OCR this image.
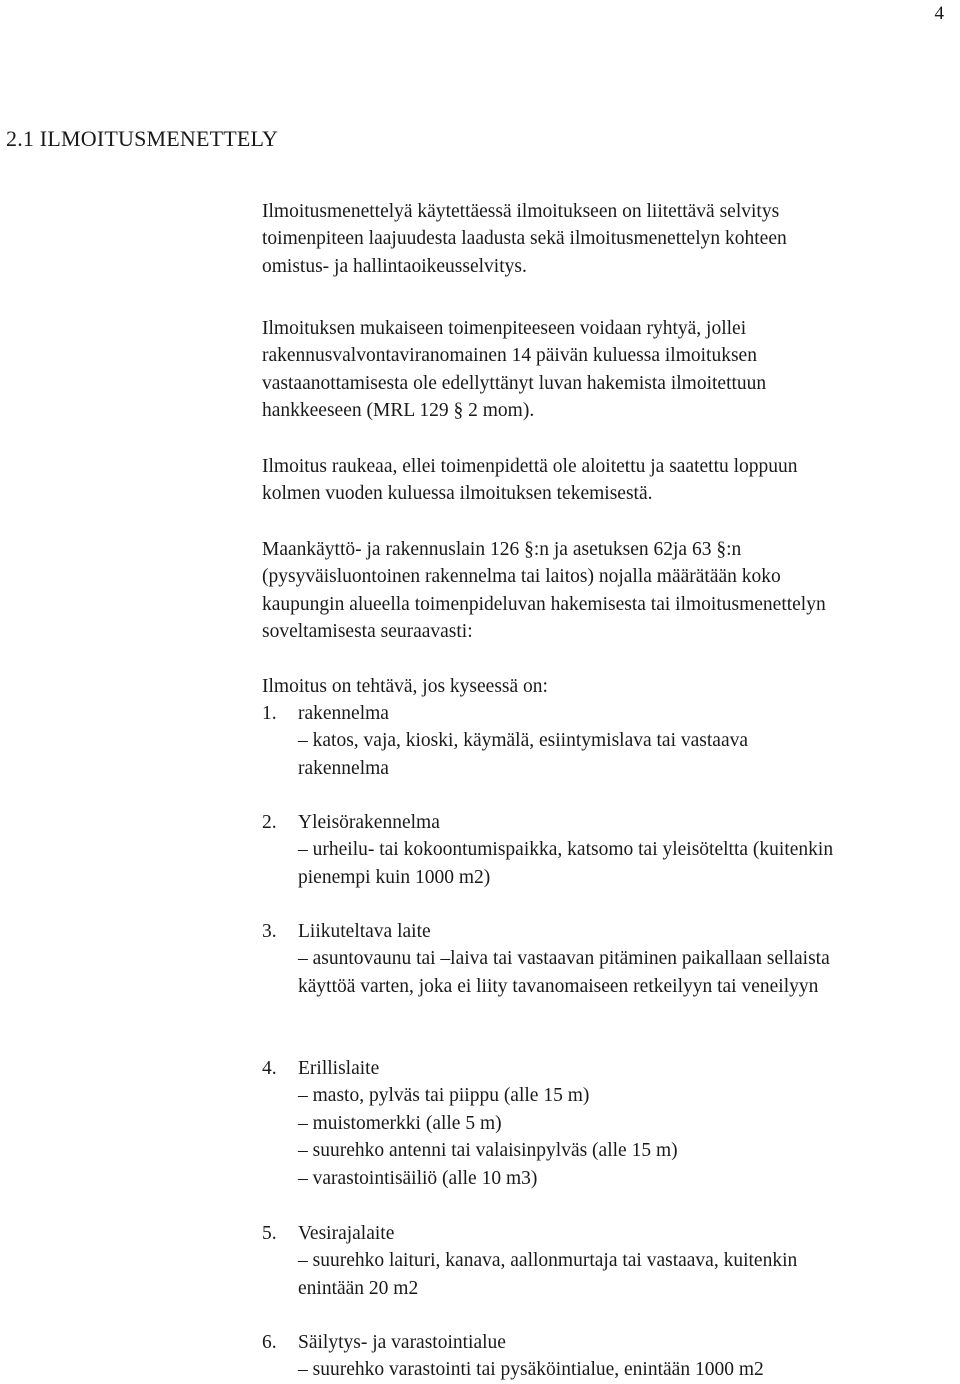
4
2.1 ILMOITUSMENETTELY

Ilmoitusmenettelyä käytettäessä ilmoitukseen on liitettävä selvitys
toimenpiteen laajuudesta laadusta sekä ilmoitusmenettelyn kohteen
omistus- ja hallintaoikeusselvitys.

Ilmoituksen mukaiseen toimenpiteeseen voidaan ryhtyä, jollei
rakennusvalvontaviranomainen 14 päivän kuluessa ilmoituksen
vastaanottamisesta ole edellyttänyt luvan hakemista ilmoitettuun
hankkeeseen (MRL 129 § 2 mom).

Ilmoitus raukeaa, ellei toimenpidettä ole aloitettu ja saatettu loppuun
kolmen vuoden kuluessa ilmoituksen tekemisestä.

Maankäyttö- ja rakennuslain 126 §:n ja asetuksen 62ja 63 §:n
(pysyväisluontoinen rakennelma tai laitos) nojalla määrätään koko
kaupungin alueella toimenpideluvan hakemisesta tai ilmoitusmenettelyn
soveltamisesta seuraavasti:

Ilmoitus on tehtävä, jos kyseessä on:

1. rakennelma
– katos, vaja, kioski, käymälä, esiintymislava tai vastaava
rakennelma
2. Yleisörakennelma
– urheilu- tai kokoontumispaikka, katsomo tai yleisöteltta (kuitenkin
pienempi kuin 1000 m2)
3. Liikuteltava laite
– asuntovaunu tai –laiva tai vastaavan pitäminen paikallaan sellaista
käyttöä varten, joka ei liity tavanomaiseen retkeilyyn tai veneilyyn
4. Erillislaite
– masto, pylväs tai piippu (alle 15 m)
– muistomerkki (alle 5 m)
– suurehko antenni tai valaisinpylväs (alle 15 m)
– varastointisäiliö (alle 10 m3)
5. Vesirajalaite
– suurehko laituri, kanava, aallonmurtaja tai vastaava, kuitenkin
enintään 20 m2
6. Säilytys- ja varastointialue
– suurehko varastointi tai pysäköintialue, enintään 1000 m2
